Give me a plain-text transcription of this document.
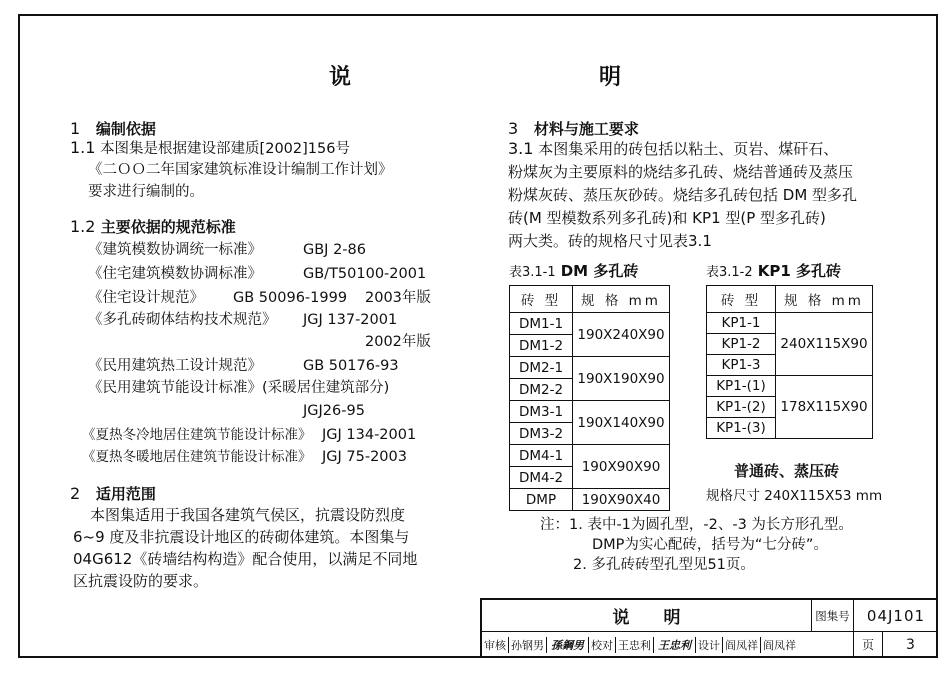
说　　明
1 编制依据
1.1 本图集是根据建设部建质[2002]156号
《二ＯＯ二年国家建筑标准设计编制工作计划》
要求进行编制的。
1.2 主要依据的规范标准
《建筑模数协调统一标准》	GBJ 2-86
《住宅建筑模数协调标准》	GB/T50100-2001
《住宅设计规范》 GB 50096-1999 2003年版
《多孔砖砌体结构技术规范》 JGJ 137-2001
2002年版
《民用建筑热工设计规范》	GB 50176-93
《民用建筑节能设计标准》(采暖居住建筑部分)
JGJ26-95
《夏热冬冷地居住建筑节能设计标准》 JGJ 134-2001
《夏热冬暖地居住建筑节能设计标准》 JGJ 75-2003
2 适用范围
本图集适用于我国各建筑气侯区，抗震设防烈度
6~9 度及非抗震设计地区的砖砌体建筑。本图集与
04G612《砖墙结构构造》配合使用，以满足不同地
区抗震设防的要求。
3 材料与施工要求
3.1 本图集采用的砖包括以粘土、页岩、煤矸石、
粉煤灰为主要原料的烧结多孔砖、烧结普通砖及蒸压
粉煤灰砖、蒸压灰砂砖。烧结多孔砖包括 DM 型多孔
砖(M 型模数系列多孔砖)和 KP1 型(P 型多孔砖)
两大类。砖的规格尺寸见表3.1
表3.1-1 DM 多孔砖
砖 型	规 格 mm
DM1-1	190X240X90
DM1-2	
DM2-1	190X190X90
DM2-2	
DM3-1	190X140X90
DM3-2	
DM4-1	190X90X90
DM4-2	
DMP	190X90X40
表3.1-2 KP1 多孔砖
砖 型	规 格 mm
KP1-1	240X115X90
KP1-2	
KP1-3	
KP1-(1)	178X115X90
KP1-(2)	
KP1-(3)	
普通砖、蒸压砖
规格尺寸 240X115X53 mm
注：1. 表中-1为圆孔型，-2、-3 为长方形孔型。
DMP为实心配砖，括号为“七分砖”。
2. 多孔砖砖型孔型见51页。
说　　明	图集号	04J101
审核 孙钢男 孫鋼男 校对 王忠利 王忠利 设计 阎凤祥 阎凤祥	页	3
